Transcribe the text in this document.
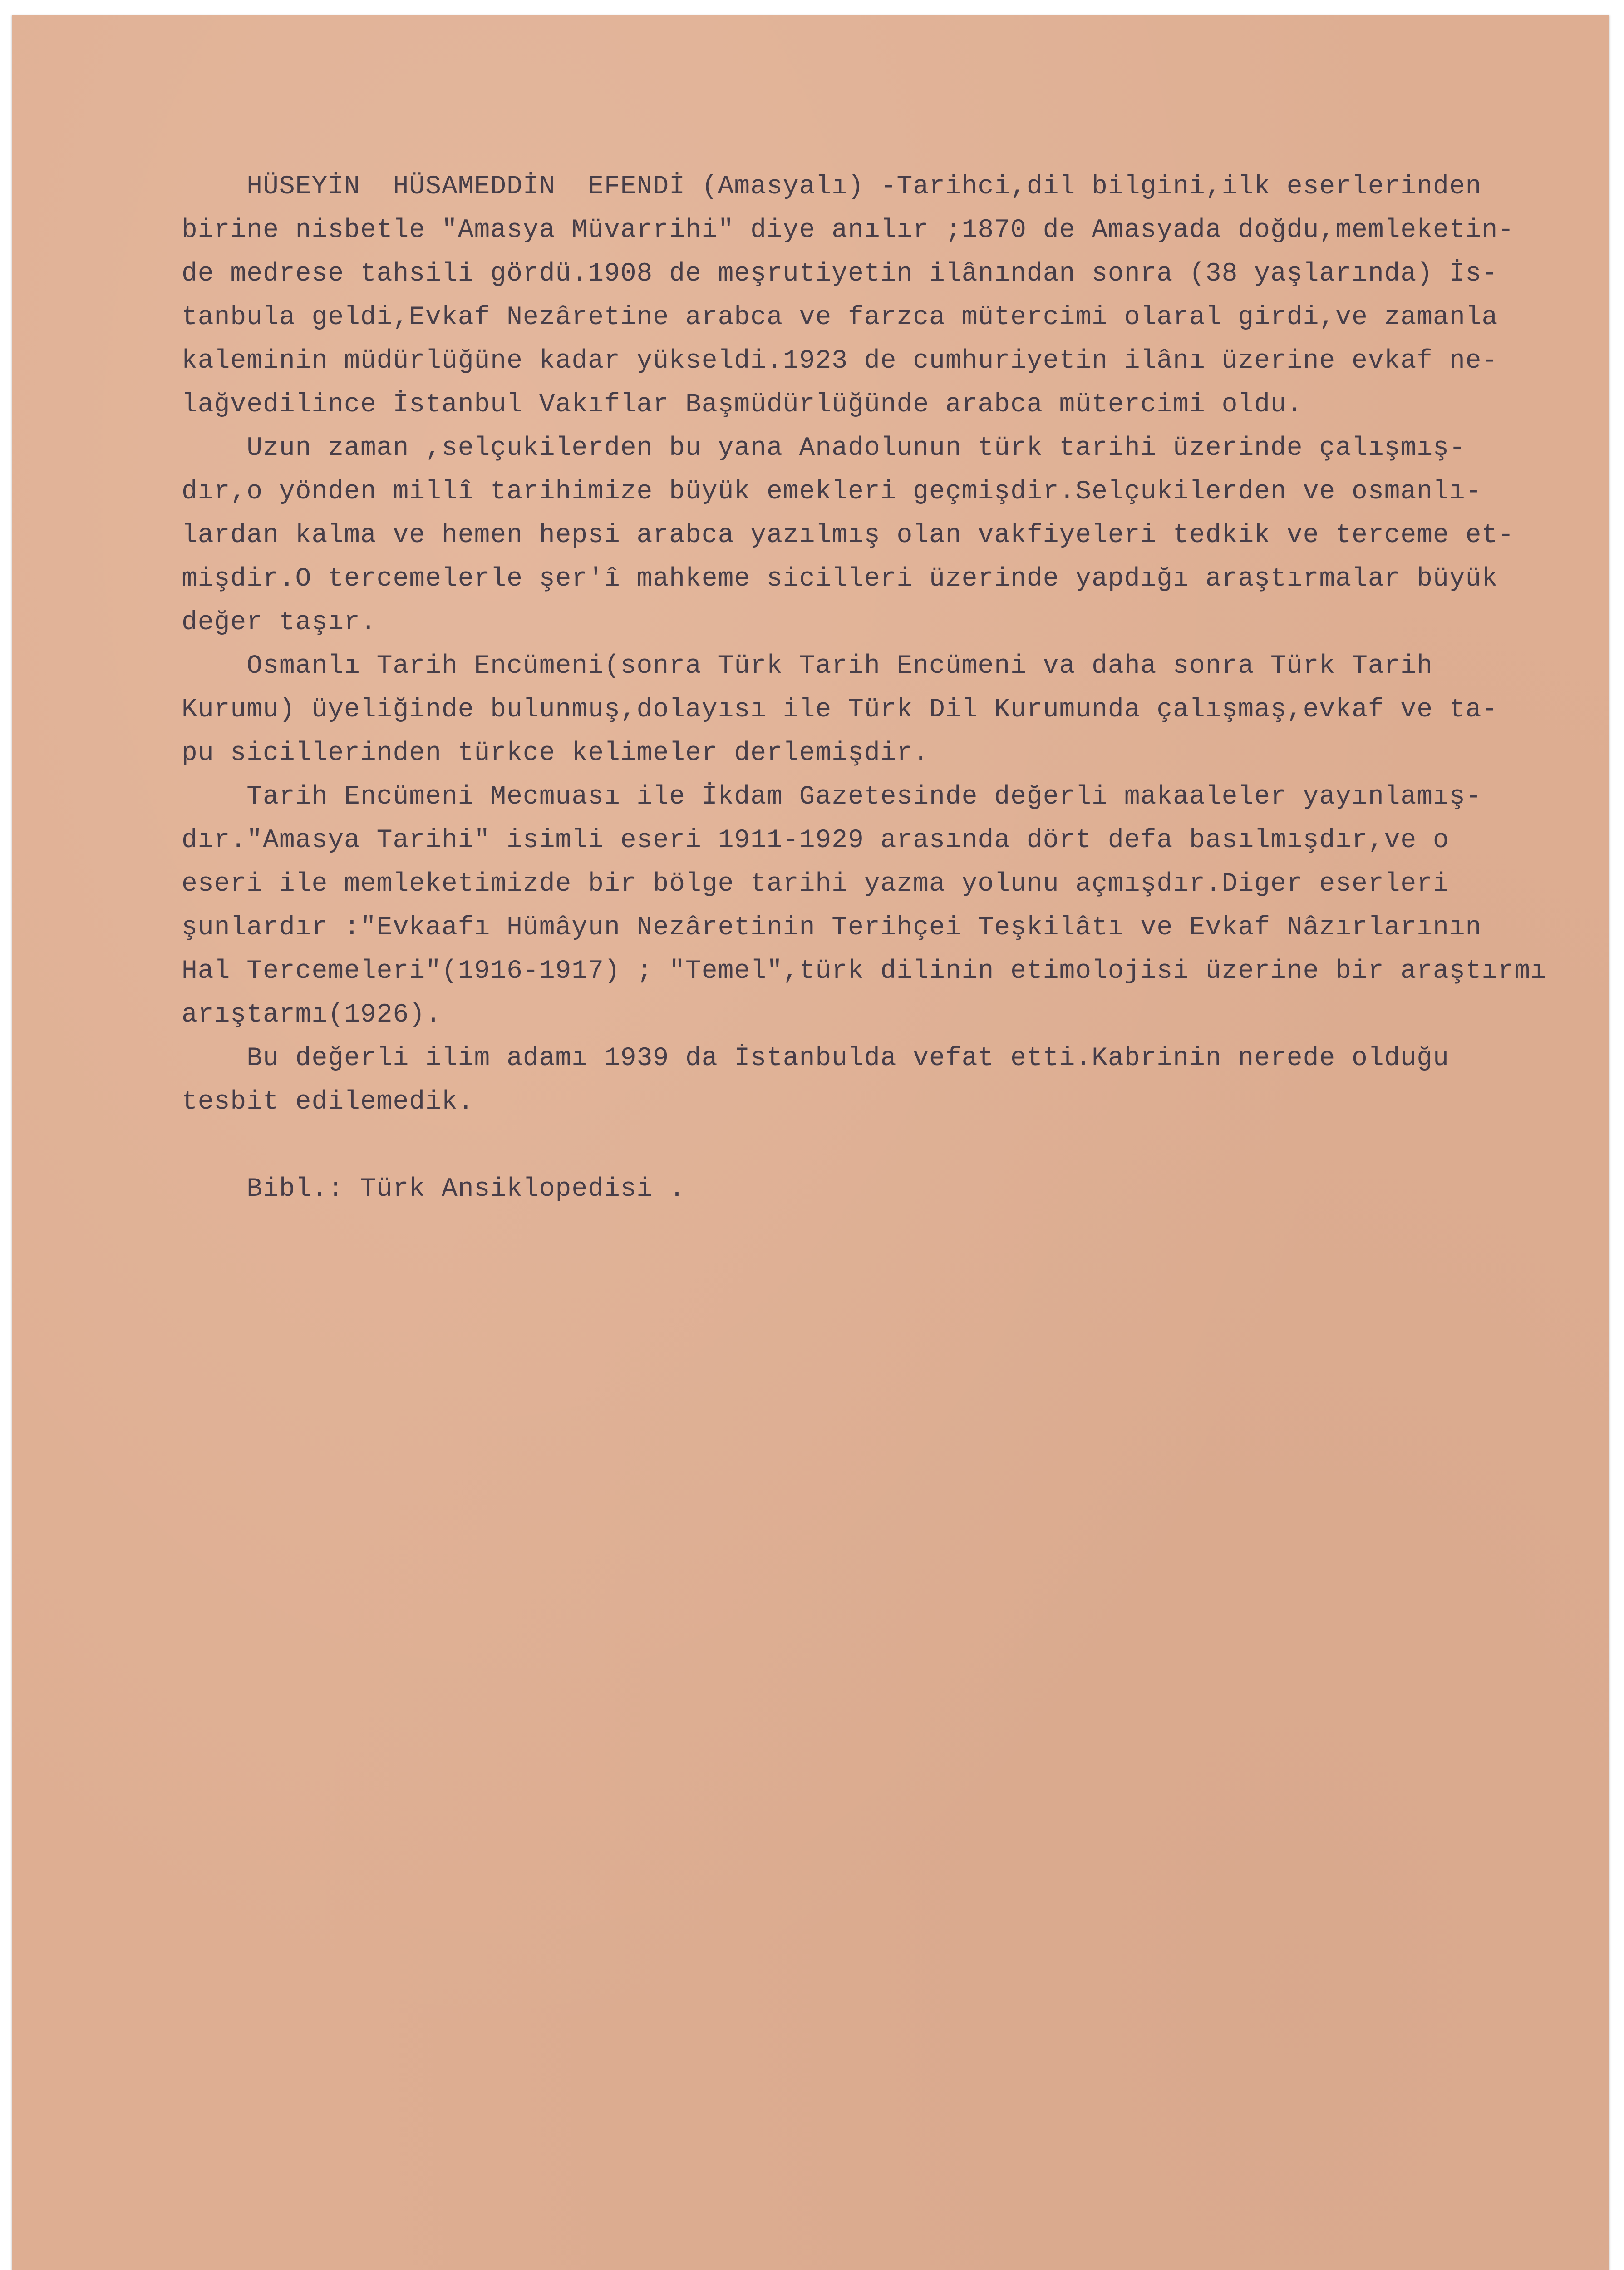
HÜSEYİN  HÜSAMEDDİN  EFENDİ (Amasyalı) -Tarihci,dil bilgini,ilk eserlerinden
birine nisbetle "Amasya Müvarrihi" diye anılır ;1870 de Amasyada doğdu,memleketin-
de medrese tahsili gördü.1908 de meşrutiyetin ilânından sonra (38 yaşlarında) İs-
tanbula geldi,Evkaf Nezâretine arabca ve farzca mütercimi olaral girdi,ve zamanla
kaleminin müdürlüğüne kadar yükseldi.1923 de cumhuriyetin ilânı üzerine evkaf ne-
lağvedilince İstanbul Vakıflar Başmüdürlüğünde arabca mütercimi oldu.
Uzun zaman ,selçukilerden bu yana Anadolunun türk tarihi üzerinde çalışmış-
dır,o yönden millî tarihimize büyük emekleri geçmişdir.Selçukilerden ve osmanlı-
lardan kalma ve hemen hepsi arabca yazılmış olan vakfiyeleri tedkik ve terceme et-
mişdir.O tercemelerle şer'î mahkeme sicilleri üzerinde yapdığı araştırmalar büyük
değer taşır.
Osmanlı Tarih Encümeni(sonra Türk Tarih Encümeni va daha sonra Türk Tarih
Kurumu) üyeliğinde bulunmuş,dolayısı ile Türk Dil Kurumunda çalışmaş,evkaf ve ta-
pu sicillerinden türkce kelimeler derlemişdir.
Tarih Encümeni Mecmuası ile İkdam Gazetesinde değerli makaaleler yayınlamış-
dır."Amasya Tarihi" isimli eseri 1911-1929 arasında dört defa basılmışdır,ve o
eseri ile memleketimizde bir bölge tarihi yazma yolunu açmışdır.Diger eserleri
şunlardır :"Evkaafı Hümâyun Nezâretinin Terihçei Teşkilâtı ve Evkaf Nâzırlarının
Hal Tercemeleri"(1916-1917) ; "Temel",türk dilinin etimolojisi üzerine bir araştırmı
arıştarmı(1926).
Bu değerli ilim adamı 1939 da İstanbulda vefat etti.Kabrinin nerede olduğu
tesbit edilemedik.
Bibl.: Türk Ansiklopedisi .
